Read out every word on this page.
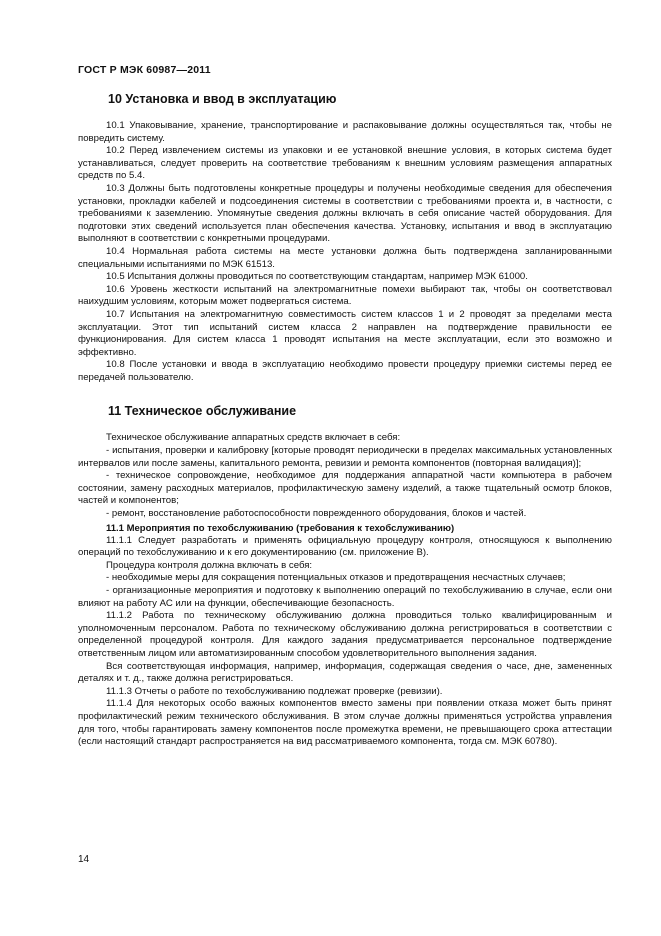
ГОСТ Р МЭК 60987—2011
10 Установка и ввод в эксплуатацию

10.1 Упаковывание, хранение, транспортирование и распаковывание должны осуществляться так, чтобы не повредить систему.

10.2 Перед извлечением системы из упаковки и ее установкой внешние условия, в которых система будет устанавливаться, следует проверить на соответствие требованиям к внешним условиям размещения аппаратных средств по 5.4.

10.3 Должны быть подготовлены конкретные процедуры и получены необходимые сведения для обеспечения установки, прокладки кабелей и подсоединения системы в соответствии с требованиями проекта и, в частности, с требованиями к заземлению. Упомянутые сведения должны включать в себя описание частей оборудования. Для подготовки этих сведений используется план обеспечения качества. Установку, испытания и ввод в эксплуатацию выполняют в соответствии с конкретными процедурами.

10.4 Нормальная работа системы на месте установки должна быть подтверждена запланированными специальными испытаниями по МЭК 61513.

10.5 Испытания должны проводиться по соответствующим стандартам, например МЭК 61000.

10.6 Уровень жесткости испытаний на электромагнитные помехи выбирают так, чтобы он соответствовал наихудшим условиям, которым может подвергаться система.

10.7 Испытания на электромагнитную совместимость систем классов 1 и 2 проводят за пределами места эксплуатации. Этот тип испытаний систем класса 2 направлен на подтверждение правильности ее функционирования. Для систем класса 1 проводят испытания на месте эксплуатации, если это возможно и эффективно.

10.8 После установки и ввода в эксплуатацию необходимо провести процедуру приемки системы перед ее передачей пользователю.

11 Техническое обслуживание

Техническое обслуживание аппаратных средств включает в себя:

- испытания, проверки и калибровку [которые проводят периодически в пределах максимальных установленных интервалов или после замены, капитального ремонта, ревизии и ремонта компонентов (повторная валидация)];

- техническое сопровождение, необходимое для поддержания аппаратной части компьютера в рабочем состоянии, замену расходных материалов, профилактическую замену изделий, а также тщательный осмотр блоков, частей и компонентов;

- ремонт, восстановление работоспособности поврежденного оборудования, блоков и частей.

11.1 Мероприятия по техобслуживанию (требования к техобслуживанию)

11.1.1 Следует разработать и применять официальную процедуру контроля, относящуюся к выполнению операций по техобслуживанию и к его документированию (см. приложение В).

Процедура контроля должна включать в себя:

- необходимые меры для сокращения потенциальных отказов и предотвращения несчастных случаев;

- организационные мероприятия и подготовку к выполнению операций по техобслуживанию в случае, если они влияют на работу АС или на функции, обеспечивающие безопасность.

11.1.2 Работа по техническому обслуживанию должна проводиться только квалифицированным и уполномоченным персоналом. Работа по техническому обслуживанию должна регистрироваться в соответствии с определенной процедурой контроля. Для каждого задания предусматривается персональное подтверждение ответственным лицом или автоматизированным способом удовлетворительного выполнения задания.

Вся соответствующая информация, например, информация, содержащая сведения о часе, дне, замененных деталях и т. д., также должна регистрироваться.

11.1.3 Отчеты о работе по техобслуживанию подлежат проверке (ревизии).

11.1.4 Для некоторых особо важных компонентов вместо замены при появлении отказа может быть принят профилактический режим технического обслуживания. В этом случае должны применяться устройства управления для того, чтобы гарантировать замену компонентов после промежутка времени, не превышающего срока аттестации (если настоящий стандарт распространяется на вид рассматриваемого компонента, тогда см. МЭК 60780).

14
